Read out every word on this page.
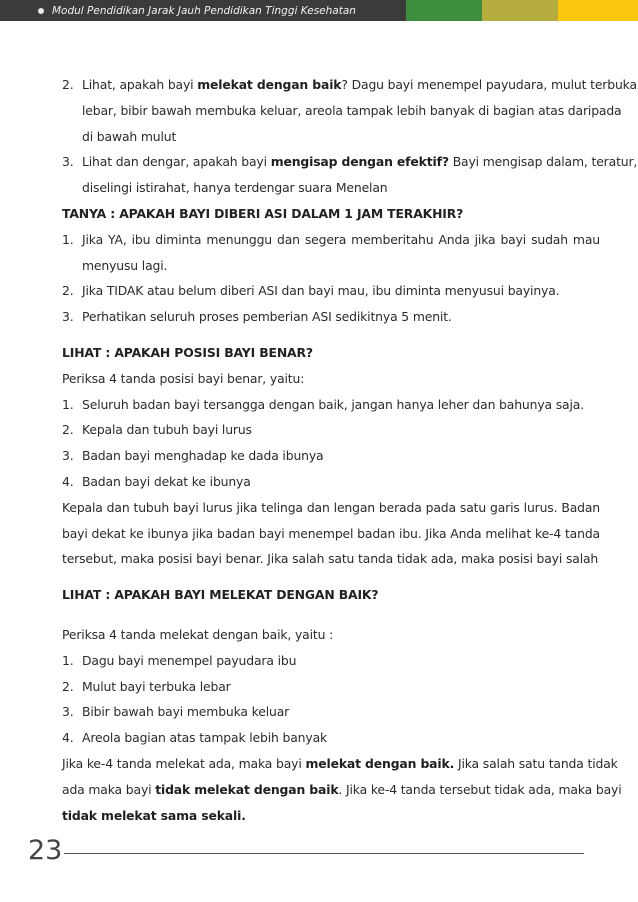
Modul Pendidikan Jarak Jauh Pendidikan Tinggi Kesehatan
2. Lihat, apakah bayi melekat dengan baik? Dagu bayi menempel payudara, mulut terbuka
lebar, bibir bawah membuka keluar, areola tampak lebih banyak di bagian atas daripada
di bawah mulut
3. Lihat dan dengar, apakah bayi mengisap dengan efektif? Bayi mengisap dalam, teratur,
diselingi istirahat, hanya terdengar suara Menelan
TANYA : APAKAH BAYI DIBERI ASI DALAM 1 JAM TERAKHIR?
1. Jika YA, ibu diminta menunggu dan segera memberitahu Anda jika bayi sudah mau
menyusu lagi.
2. Jika TIDAK atau belum diberi ASI dan bayi mau, ibu diminta menyusui bayinya.
3. Perhatikan seluruh proses pemberian ASI sedikitnya 5 menit.
LIHAT : APAKAH POSISI BAYI BENAR?
Periksa 4 tanda posisi bayi benar, yaitu:
1. Seluruh badan bayi tersangga dengan baik, jangan hanya leher dan bahunya saja.
2. Kepala dan tubuh bayi lurus
3. Badan bayi menghadap ke dada ibunya
4. Badan bayi dekat ke ibunya
Kepala dan tubuh bayi lurus jika telinga dan lengan berada pada satu garis lurus. Badan
bayi dekat ke ibunya jika badan bayi menempel badan ibu. Jika Anda melihat ke-4 tanda
tersebut, maka posisi bayi benar. Jika salah satu tanda tidak ada, maka posisi bayi salah
LIHAT : APAKAH BAYI MELEKAT DENGAN BAIK?
Periksa 4 tanda melekat dengan baik, yaitu :
1. Dagu bayi menempel payudara ibu
2. Mulut bayi terbuka lebar
3. Bibir bawah bayi membuka keluar
4. Areola bagian atas tampak lebih banyak
Jika ke-4 tanda melekat ada, maka bayi melekat dengan baik. Jika salah satu tanda tidak
ada maka bayi tidak melekat dengan baik. Jika ke-4 tanda tersebut tidak ada, maka bayi
tidak melekat sama sekali.
23
